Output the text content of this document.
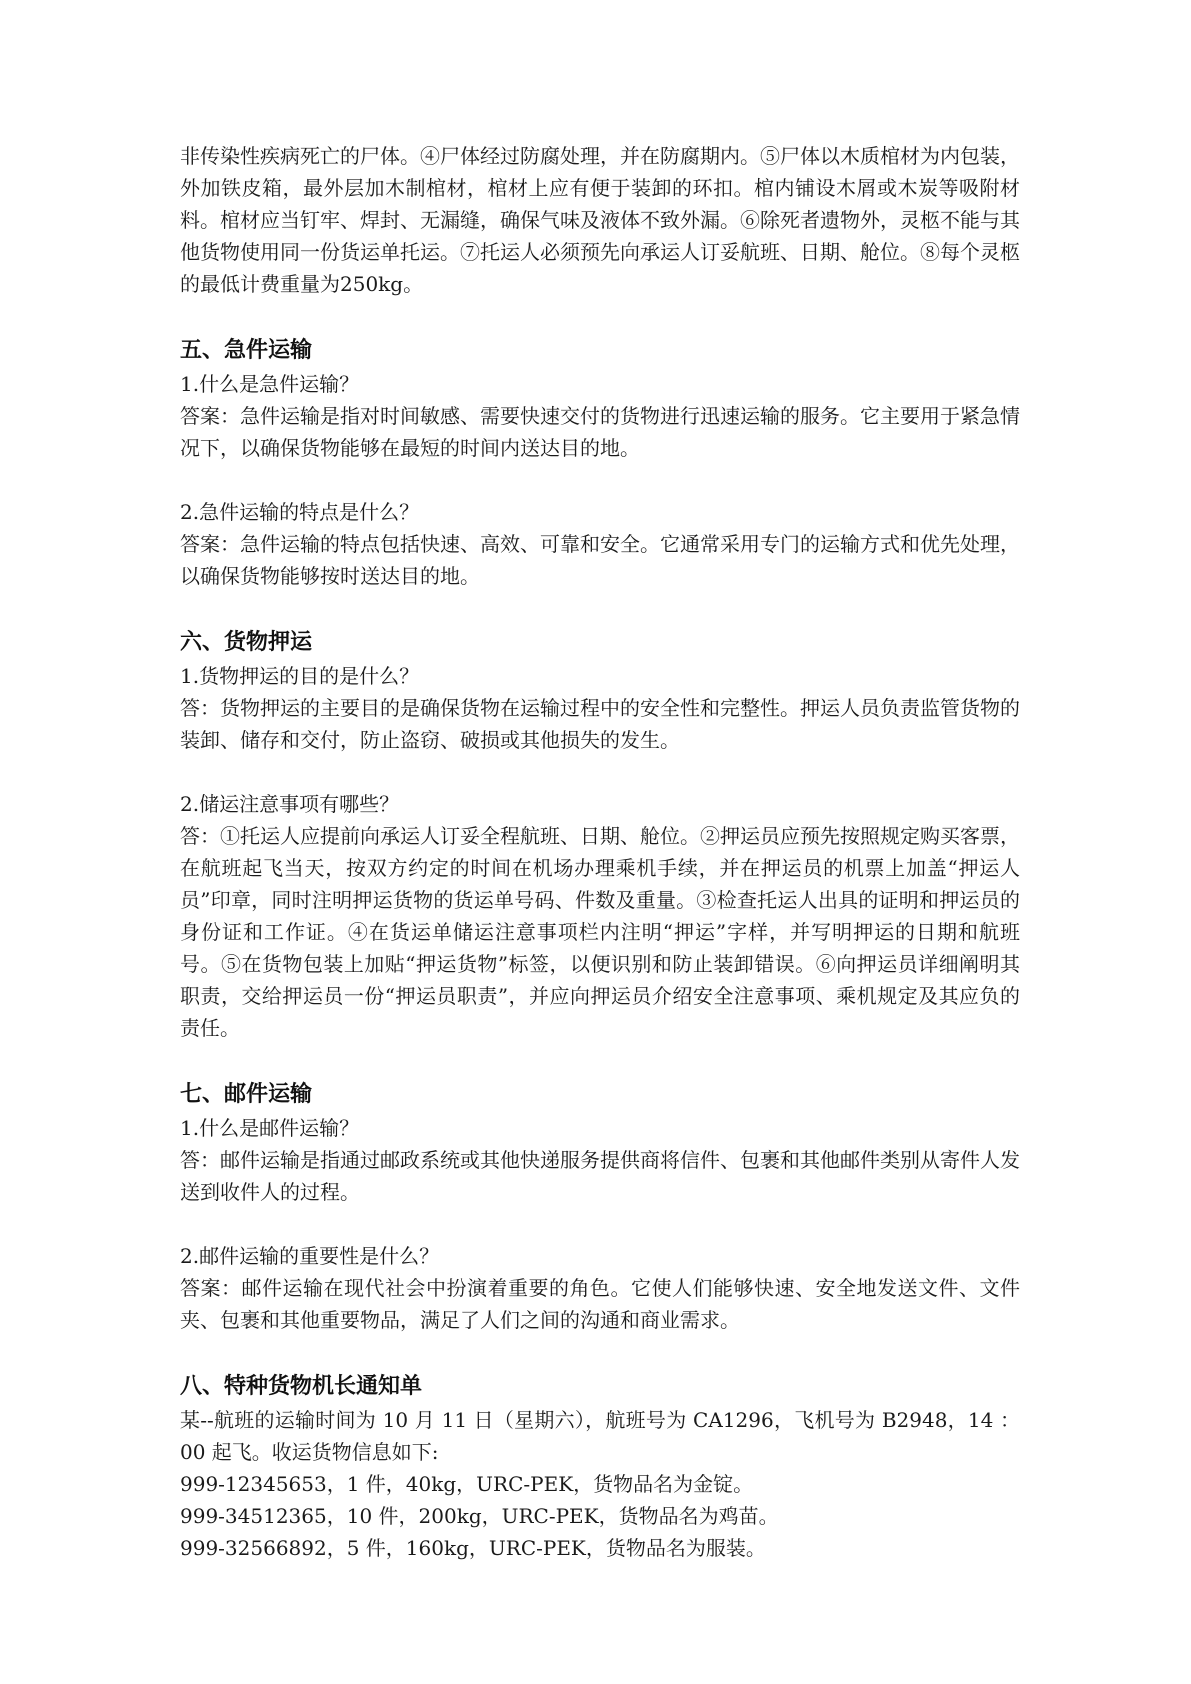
非传染性疾病死亡的尸体。④尸体经过防腐处理，并在防腐期内。⑤尸体以木质棺材为内包装，外加铁皮箱，最外层加木制棺材，棺材上应有便于装卸的环扣。棺内铺设木屑或木炭等吸附材料。棺材应当钉牢、焊封、无漏缝，确保气味及液体不致外漏。⑥除死者遗物外，灵柩不能与其他货物使用同一份货运单托运。⑦托运人必须预先向承运人订妥航班、日期、舱位。⑧每个灵柩的最低计费重量为250kg。

五、急件运输

1.什么是急件运输？

答案：急件运输是指对时间敏感、需要快速交付的货物进行迅速运输的服务。它主要用于紧急情况下，以确保货物能够在最短的时间内送达目的地。

2.急件运输的特点是什么？

答案：急件运输的特点包括快速、高效、可靠和安全。它通常采用专门的运输方式和优先处理，以确保货物能够按时送达目的地。

六、货物押运

1.货物押运的目的是什么？

答：货物押运的主要目的是确保货物在运输过程中的安全性和完整性。押运人员负责监管货物的装卸、储存和交付，防止盗窃、破损或其他损失的发生。

2.储运注意事项有哪些？

答：①托运人应提前向承运人订妥全程航班、日期、舱位。②押运员应预先按照规定购买客票，在航班起飞当天，按双方约定的时间在机场办理乘机手续，并在押运员的机票上加盖“押运人员”印章，同时注明押运货物的货运单号码、件数及重量。③检查托运人出具的证明和押运员的身份证和工作证。④在货运单储运注意事项栏内注明“押运”字样，并写明押运的日期和航班号。⑤在货物包装上加贴“押运货物”标签，以便识别和防止装卸错误。⑥向押运员详细阐明其职责，交给押运员一份“押运员职责”，并应向押运员介绍安全注意事项、乘机规定及其应负的责任。

七、邮件运输

1.什么是邮件运输？

答：邮件运输是指通过邮政系统或其他快递服务提供商将信件、包裹和其他邮件类别从寄件人发送到收件人的过程。

2.邮件运输的重要性是什么？

答案：邮件运输在现代社会中扮演着重要的角色。它使人们能够快速、安全地发送文件、文件夹、包裹和其他重要物品，满足了人们之间的沟通和商业需求。

八、特种货物机长通知单

某--航班的运输时间为 10 月 11 日（星期六），航班号为 CA1296，飞机号为 B2948，14 ：00 起飞。收运货物信息如下:

999-12345653，1 件，40kg，URC-PEK，货物品名为金锭。

999-34512365，10 件，200kg，URC-PEK，货物品名为鸡苗。

999-32566892，5 件，160kg，URC-PEK，货物品名为服装。
